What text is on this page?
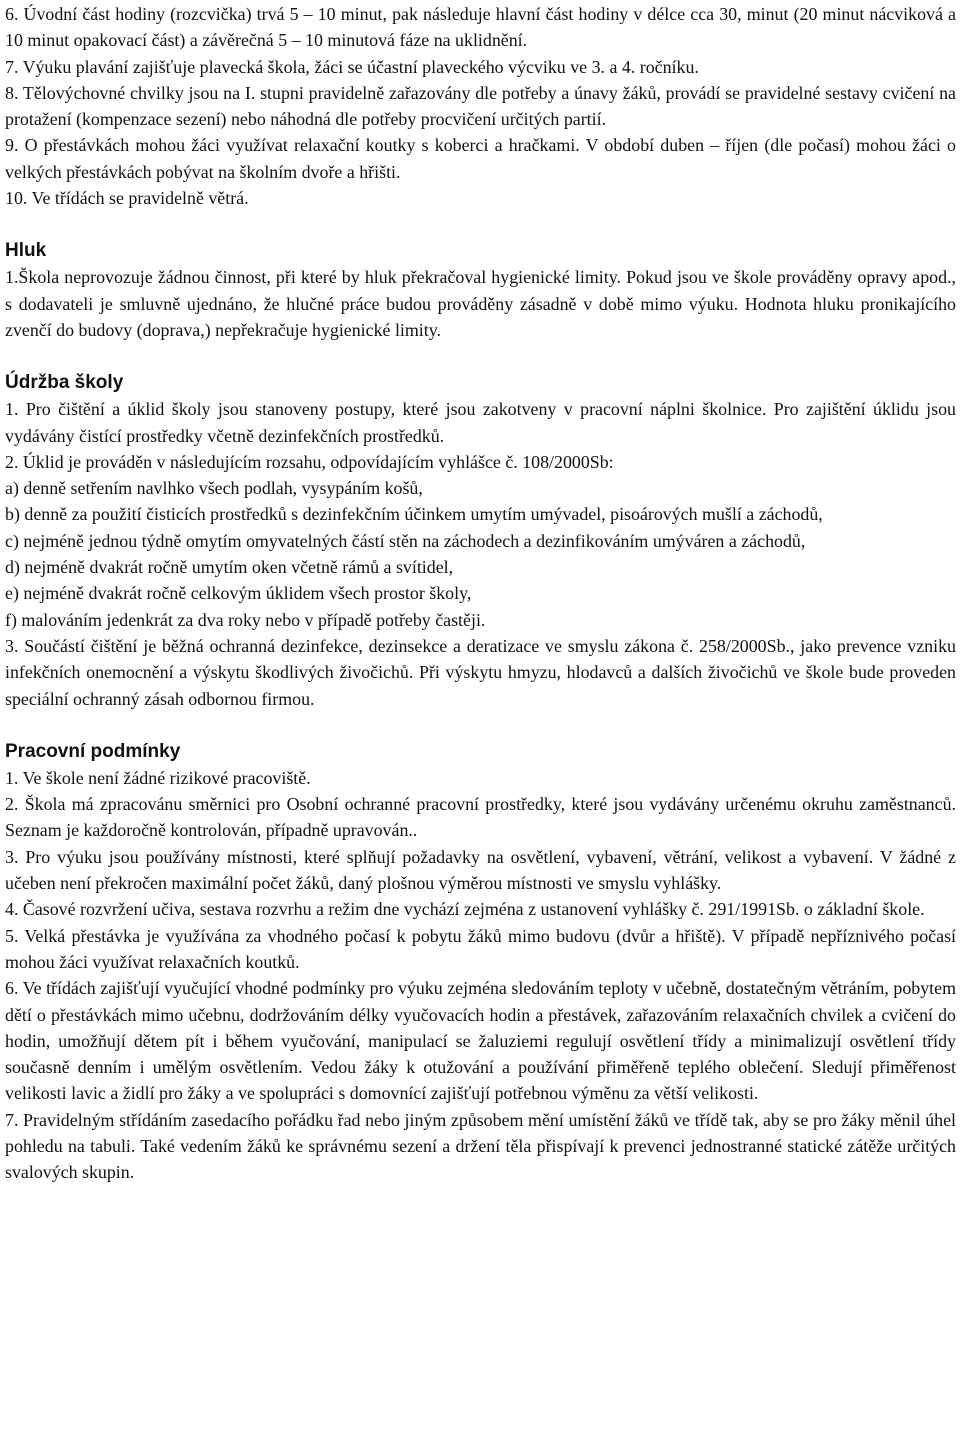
6. Úvodní část hodiny (rozcvička) trvá 5 – 10 minut, pak následuje hlavní část hodiny v délce cca 30, minut (20 minut nácviková a 10 minut opakovací část) a závěrečná 5 – 10 minutová fáze na uklidnění.

7. Výuku plavání zajišťuje plavecká škola, žáci se účastní plaveckého výcviku ve 3. a 4. ročníku.

8. Tělovýchovné chvilky jsou na I. stupni pravidelně zařazovány dle potřeby a únavy žáků, provádí se pravidelné sestavy cvičení na protažení (kompenzace sezení) nebo náhodná dle potřeby procvičení určitých partií.

9. O přestávkách mohou žáci využívat relaxační koutky s koberci a hračkami. V období duben – říjen (dle počasí) mohou žáci o velkých přestávkách pobývat na školním dvoře a hřišti.

10. Ve třídách se pravidelně větrá.

Hluk

1.Škola neprovozuje žádnou činnost, při které by hluk překračoval hygienické limity. Pokud jsou ve škole prováděny opravy apod., s dodavateli je smluvně ujednáno, že hlučné práce budou prováděny zásadně v době mimo výuku. Hodnota hluku pronikajícího zvenčí do budovy (doprava,) nepřekračuje hygienické limity.

Údržba školy

1. Pro čištění a úklid školy jsou stanoveny postupy, které jsou zakotveny v pracovní náplni školnice. Pro zajištění úklidu jsou vydávány čistící prostředky včetně dezinfekčních prostředků.

2. Úklid je prováděn v následujícím rozsahu, odpovídajícím vyhlášce č. 108/2000Sb:

a) denně setřením navlhko všech podlah, vysypáním košů,

b) denně za použití čisticích prostředků s dezinfekčním účinkem umytím umývadel, pisoárových mušlí a záchodů,

c) nejméně jednou týdně omytím omyvatelných částí stěn na záchodech a dezinfikováním umýváren a záchodů,

d) nejméně dvakrát ročně umytím oken včetně rámů a svítidel,

e) nejméně dvakrát ročně celkovým úklidem všech prostor školy,

f) malováním jedenkrát za dva roky nebo v případě potřeby častěji.

3. Součástí čištění je běžná ochranná dezinfekce, dezinsekce a deratizace ve smyslu zákona č. 258/2000Sb., jako prevence vzniku infekčních onemocnění a výskytu škodlivých živočichů. Při výskytu hmyzu, hlodavců a dalších živočichů ve škole bude proveden speciální ochranný zásah odbornou firmou.

Pracovní podmínky

1. Ve škole není žádné rizikové pracoviště.

2. Škola má zpracovánu směrnici pro Osobní ochranné pracovní prostředky, které jsou vydávány určenému okruhu zaměstnanců. Seznam je každoročně kontrolován, případně upravován..

3. Pro výuku jsou používány místnosti, které splňují požadavky na osvětlení, vybavení, větrání, velikost a vybavení. V žádné z učeben není překročen maximální počet žáků, daný plošnou výměrou místnosti ve smyslu vyhlášky.

4. Časové rozvržení učiva, sestava rozvrhu a režim dne vychází zejména z ustanovení vyhlášky č. 291/1991Sb. o základní škole.

5. Velká přestávka je využívána za vhodného počasí k pobytu žáků mimo budovu (dvůr a hřiště). V případě nepříznivého počasí mohou žáci využívat relaxačních koutků.

6. Ve třídách zajišťují vyučující vhodné podmínky pro výuku zejména sledováním teploty v učebně, dostatečným větráním, pobytem dětí o přestávkách mimo učebnu, dodržováním délky vyučovacích hodin a přestávek, zařazováním relaxačních chvilek a cvičení do hodin, umožňují dětem pít i během vyučování, manipulací se žaluziemi regulují osvětlení třídy a minimalizují osvětlení třídy současně denním i umělým osvětlením. Vedou žáky k otužování a používání přiměřeně teplého oblečení. Sledují přiměřenost velikosti lavic a židlí pro žáky a ve spolupráci s domovnící zajišťují potřebnou výměnu za větší velikosti.

7. Pravidelným střídáním zasedacího pořádku řad nebo jiným způsobem mění umístění žáků ve třídě tak, aby se pro žáky měnil úhel pohledu na tabuli. Také vedením žáků ke správnému sezení a držení těla přispívají k prevenci jednostranné statické zátěže určitých svalových skupin.
